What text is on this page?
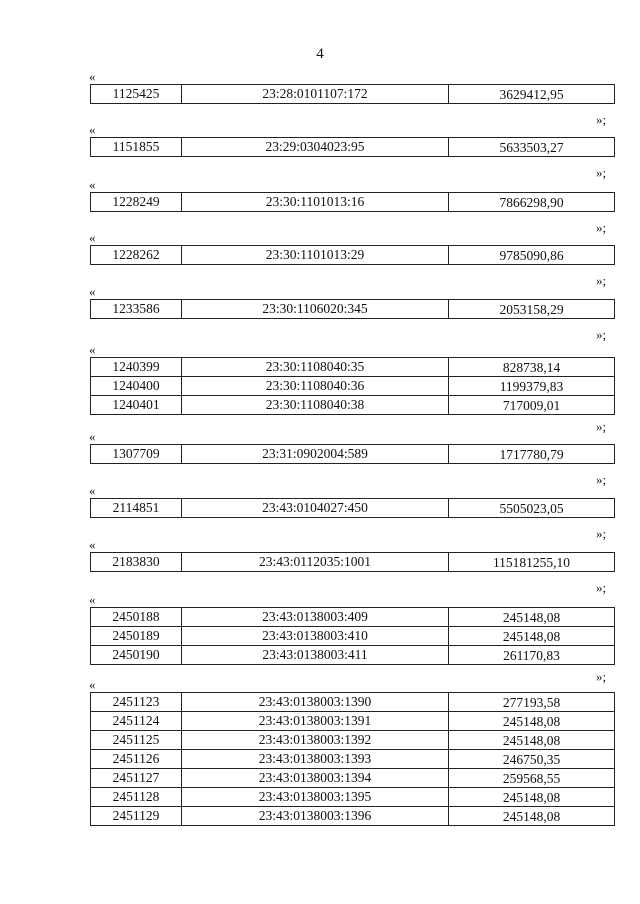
4
«
1125425	23:28:0101107:172	3629412,95
»;
«
1151855	23:29:0304023:95	5633503,27
»;
«
1228249	23:30:1101013:16	7866298,90
»;
«
1228262	23:30:1101013:29	9785090,86
»;
«
1233586	23:30:1106020:345	2053158,29
»;
«
1240399	23:30:1108040:35	828738,14
1240400	23:30:1108040:36	1199379,83
1240401	23:30:1108040:38	717009,01
»;
«
1307709	23:31:0902004:589	1717780,79
»;
«
2114851	23:43:0104027:450	5505023,05
»;
«
2183830	23:43:0112035:1001	115181255,10
»;
«
2450188	23:43:0138003:409	245148,08
2450189	23:43:0138003:410	245148,08
2450190	23:43:0138003:411	261170,83
»;
«
2451123	23:43:0138003:1390	277193,58
2451124	23:43:0138003:1391	245148,08
2451125	23:43:0138003:1392	245148,08
2451126	23:43:0138003:1393	246750,35
2451127	23:43:0138003:1394	259568,55
2451128	23:43:0138003:1395	245148,08
2451129	23:43:0138003:1396	245148,08
